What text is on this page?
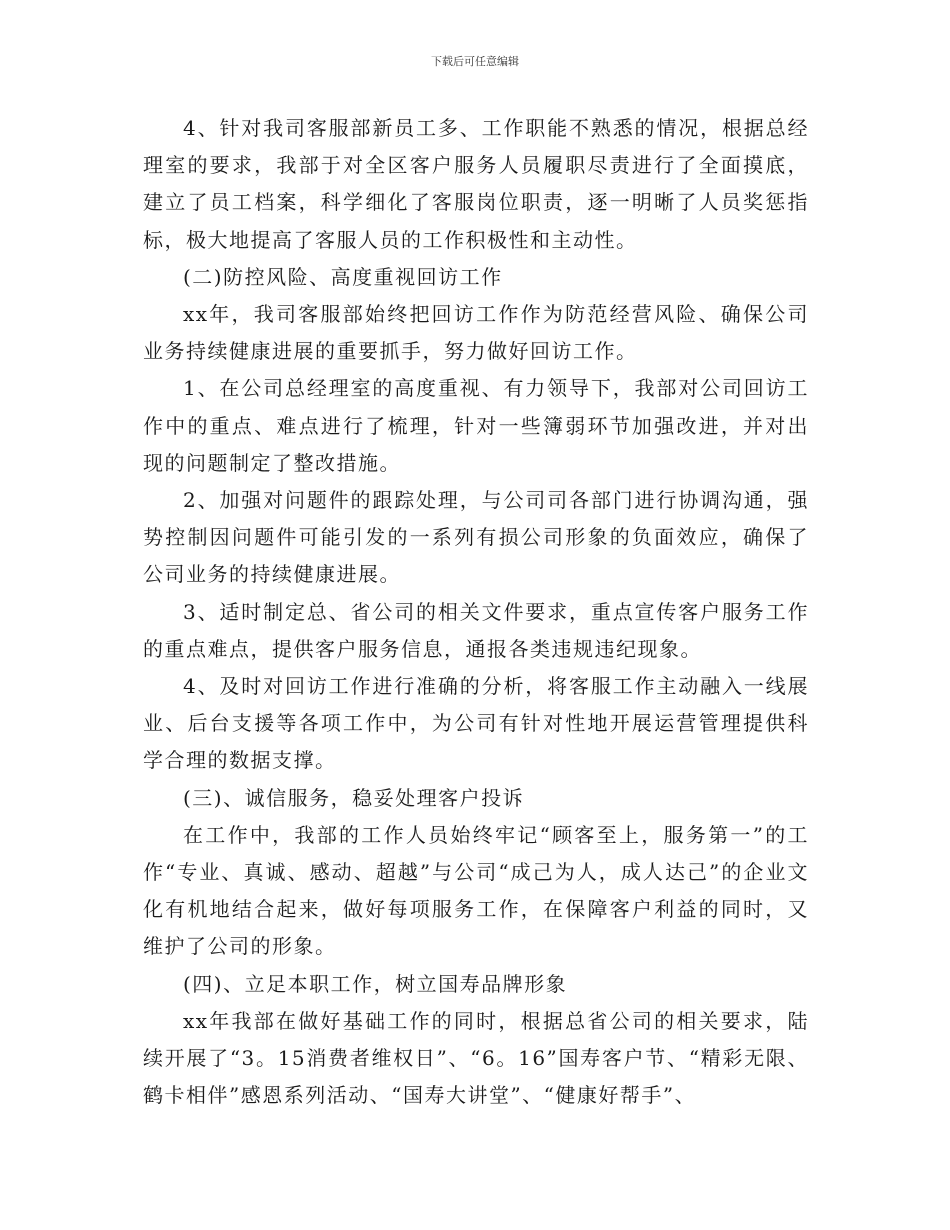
下载后可任意编辑

4、针对我司客服部新员工多、工作职能不熟悉的情况，根据总经理室的要求，我部于对全区客户服务人员履职尽责进行了全面摸底，建立了员工档案，科学细化了客服岗位职责，逐一明晰了人员奖惩指标，极大地提高了客服人员的工作积极性和主动性。

(二)防控风险、高度重视回访工作

xx年，我司客服部始终把回访工作作为防范经营风险、确保公司业务持续健康进展的重要抓手，努力做好回访工作。

1、在公司总经理室的高度重视、有力领导下，我部对公司回访工作中的重点、难点进行了梳理，针对一些簿弱环节加强改进，并对出现的问题制定了整改措施。

2、加强对问题件的跟踪处理，与公司司各部门进行协调沟通，强势控制因问题件可能引发的一系列有损公司形象的负面效应，确保了公司业务的持续健康进展。

3、适时制定总、省公司的相关文件要求，重点宣传客户服务工作的重点难点，提供客户服务信息，通报各类违规违纪现象。

4、及时对回访工作进行准确的分析，将客服工作主动融入一线展业、后台支援等各项工作中，为公司有针对性地开展运营管理提供科学合理的数据支撑。

(三)、诚信服务，稳妥处理客户投诉

在工作中，我部的工作人员始终牢记“顾客至上，服务第一”的工作“专业、真诚、感动、超越”与公司“成己为人，成人达己”的企业文化有机地结合起来，做好每项服务工作，在保障客户利益的同时，又维护了公司的形象。

(四)、立足本职工作，树立国寿品牌形象

xx年我部在做好基础工作的同时，根据总省公司的相关要求，陆续开展了“3。15消费者维权日”、“6。16”国寿客户节、“精彩无限、鹤卡相伴”感恩系列活动、“国寿大讲堂”、“健康好帮手”、
